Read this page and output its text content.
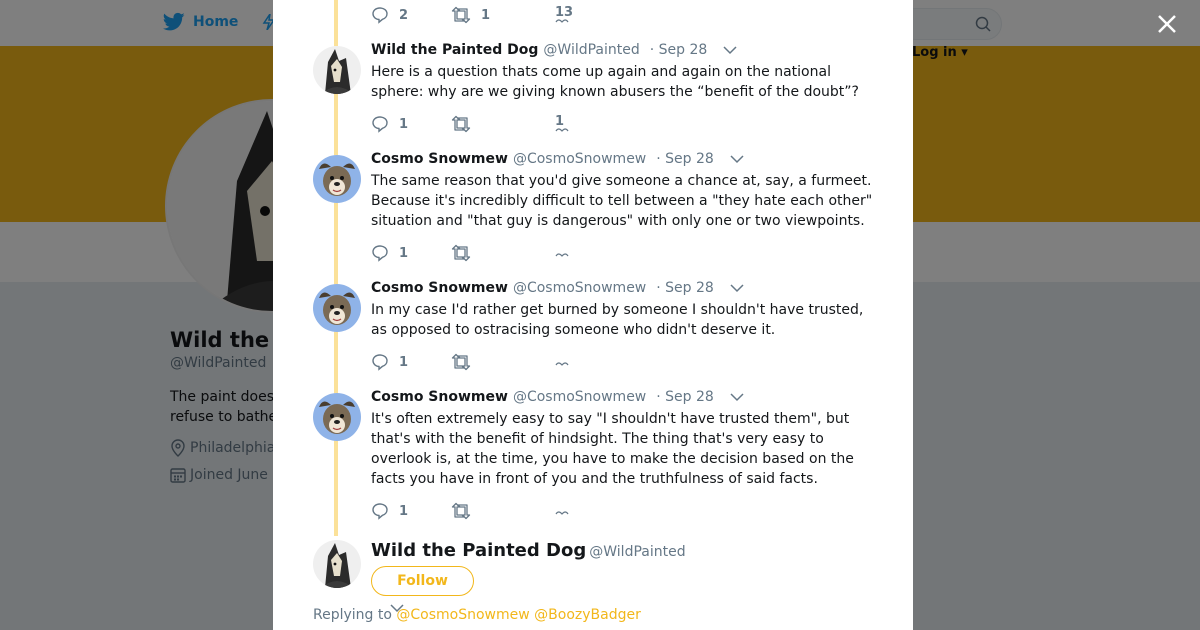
2	1	13
Wild the Painted Dog @WildPainted · Sep 28
Here is a question thats come up again and again on the national sphere: why are we giving known abusers the “benefit of the doubt”?
1	1
Cosmo Snowmew @CosmoSnowmew · Sep 28
The same reason that you'd give someone a chance at, say, a furmeet. Because it's incredibly difficult to tell between a "they hate each other" situation and "that guy is dangerous" with only one or two viewpoints.
1
Cosmo Snowmew @CosmoSnowmew · Sep 28
In my case I'd rather get burned by someone I shouldn't have trusted, as opposed to ostracising someone who didn't deserve it.
1
Cosmo Snowmew @CosmoSnowmew · Sep 28
It's often extremely easy to say "I shouldn't have trusted them", but that's with the benefit of hindsight. The thing that's very easy to overlook is, at the time, you have to make the decision based on the facts you have in front of you and the truthfulness of said facts.
1
Wild the Painted Dog @WildPainted
Follow
Replying to @CosmoSnowmew @BoozyBadger
